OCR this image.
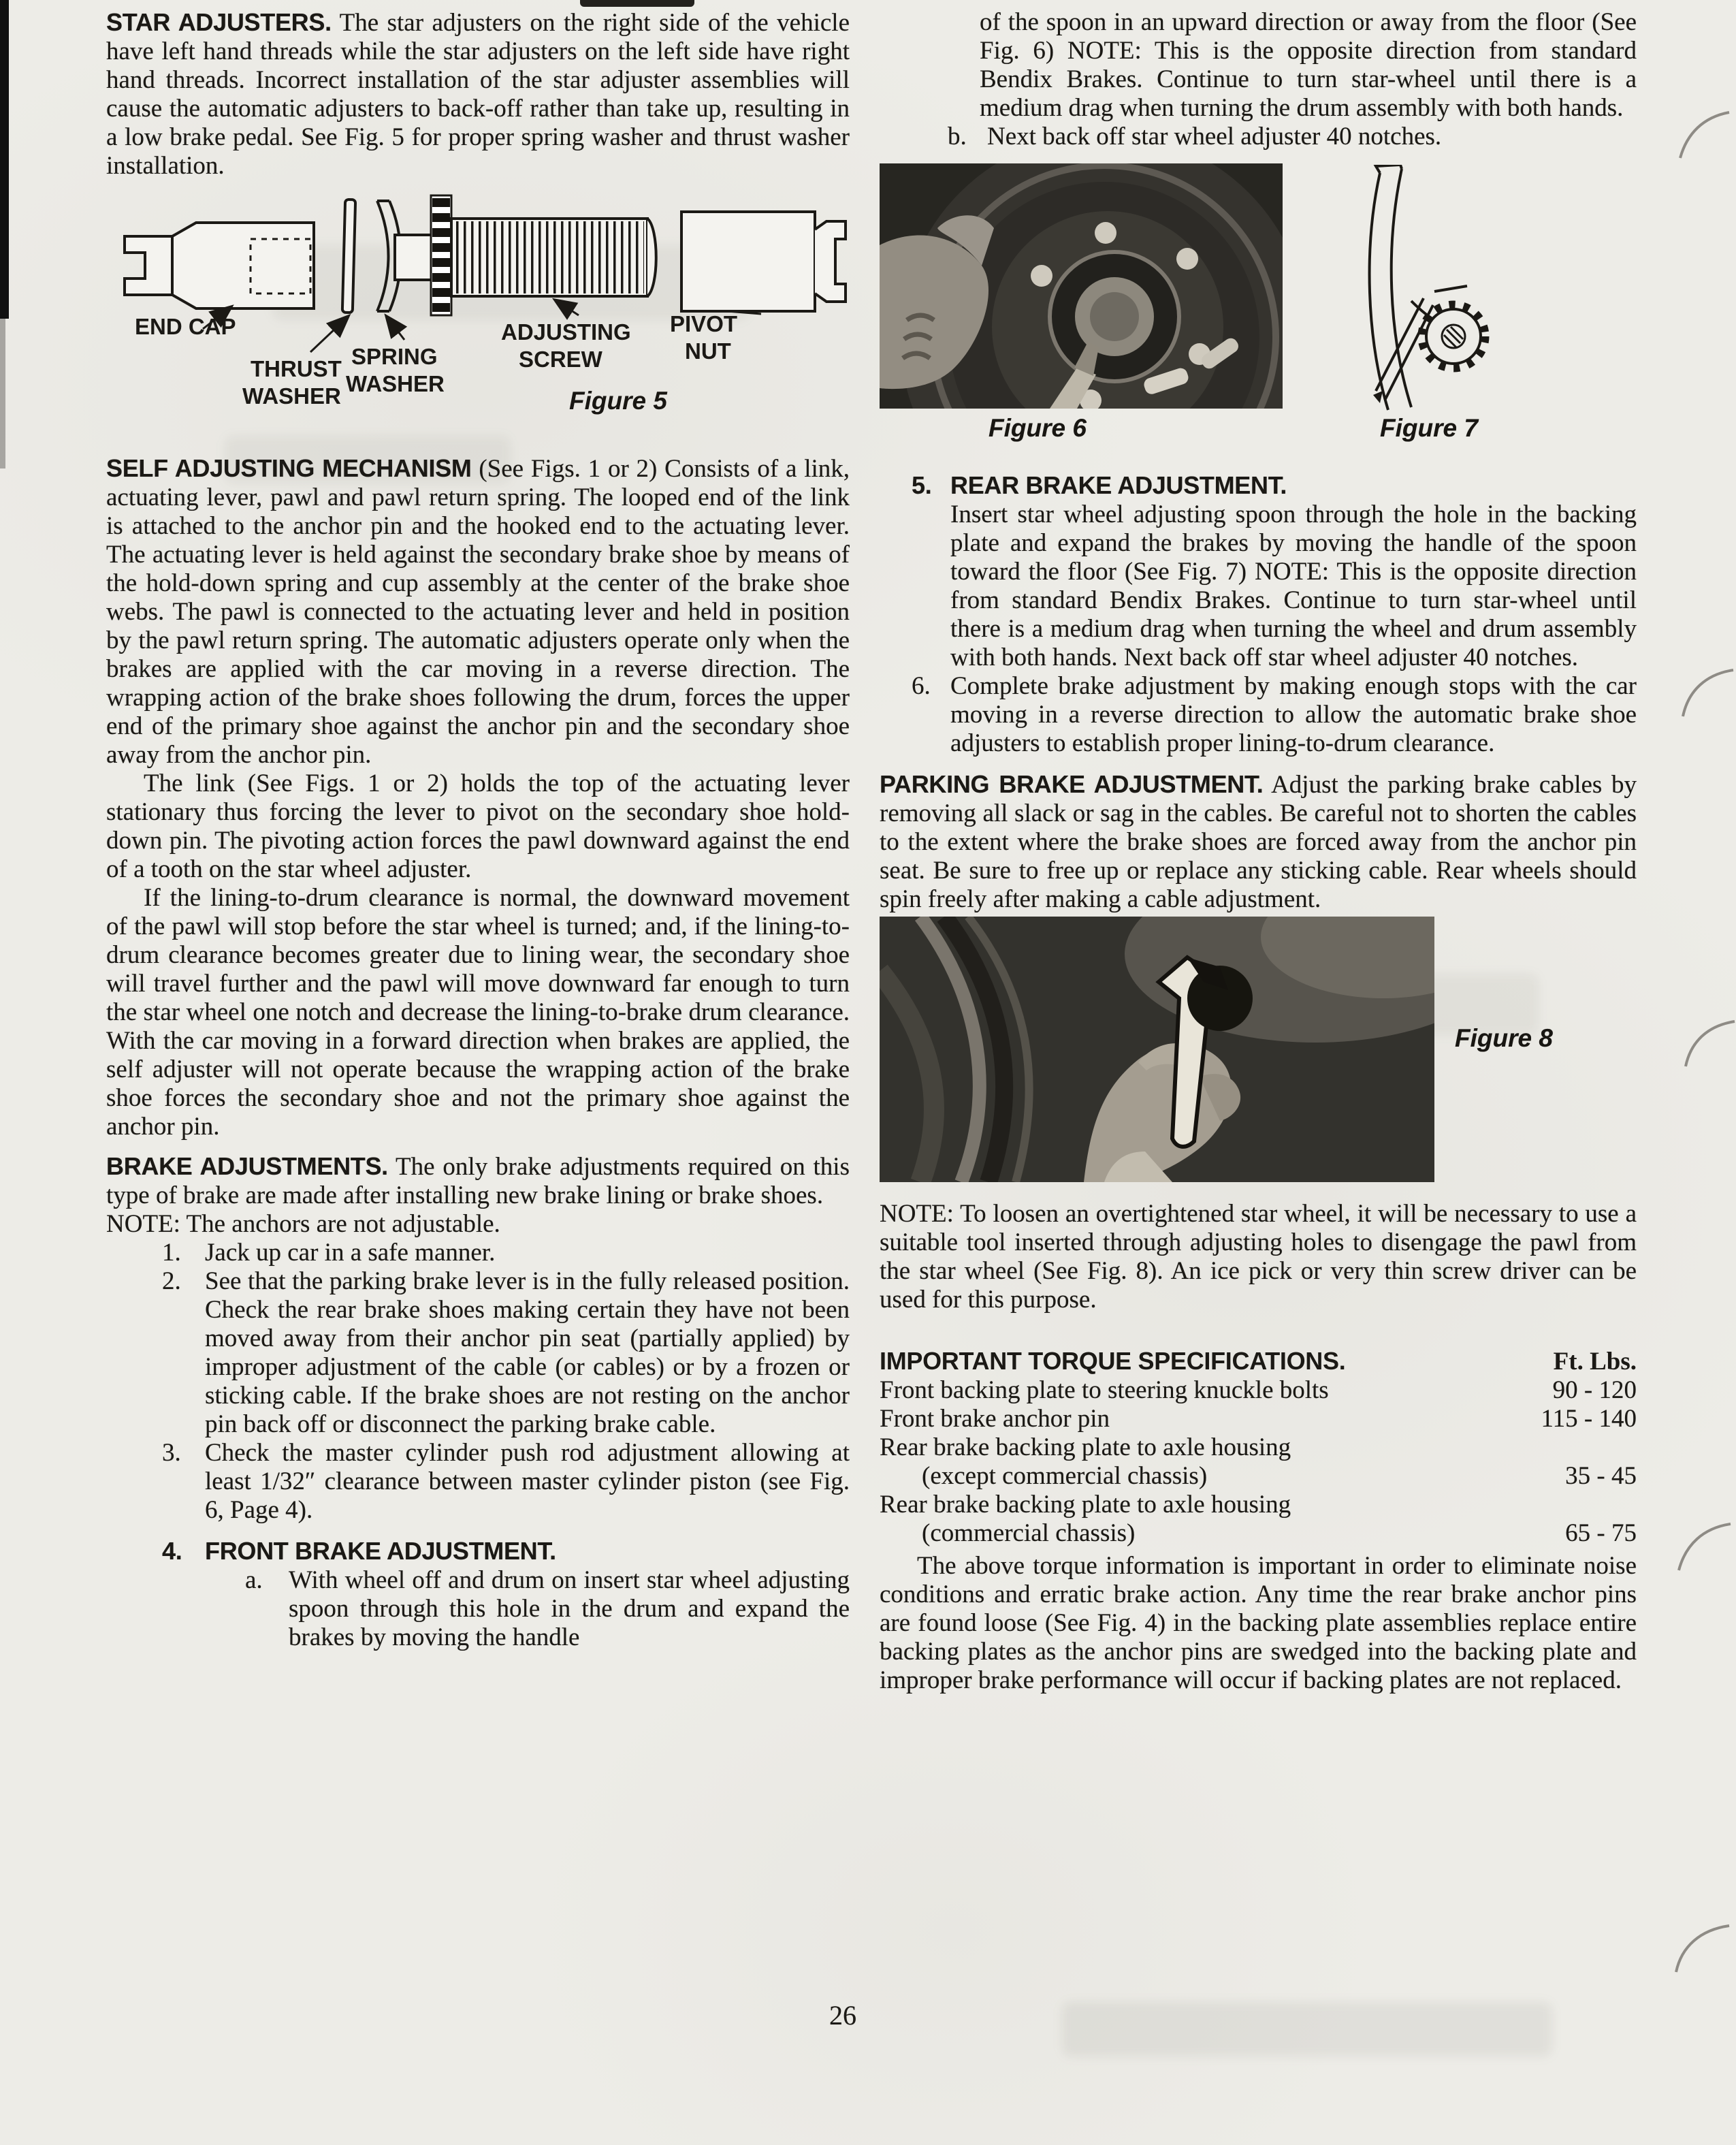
STAR ADJUSTERS. The star adjusters on the right side of the vehicle have left hand threads while the star adjusters on the left side have right hand threads. Incorrect installation of the star adjuster assemblies will cause the automatic adjusters to back-off rather than take up, resulting in a low brake pedal. See Fig. 5 for proper spring washer and thrust washer installation.

END CAP
THRUST
WASHER
SPRING
WASHER
ADJUSTING
SCREW
PIVOT
NUT
Figure 5

SELF ADJUSTING MECHANISM (See Figs. 1 or 2) Consists of a link, actuating lever, pawl and pawl return spring. The looped end of the link is attached to the anchor pin and the hooked end to the actuating lever. The actuating lever is held against the secondary brake shoe by means of the hold-down spring and cup assembly at the center of the brake shoe webs. The pawl is connected to the actuating lever and held in position by the pawl return spring. The automatic adjusters operate only when the brakes are applied with the car moving in a reverse direction. The wrapping action of the brake shoes following the drum, forces the upper end of the primary shoe against the anchor pin and the secondary shoe away from the anchor pin.

The link (See Figs. 1 or 2) holds the top of the actuating lever stationary thus forcing the lever to pivot on the secondary shoe hold-down pin. The pivoting action forces the pawl downward against the end of a tooth on the star wheel adjuster.

If the lining-to-drum clearance is normal, the downward movement of the pawl will stop before the star wheel is turned; and, if the lining-to-drum clearance becomes greater due to lining wear, the secondary shoe will travel further and the pawl will move downward far enough to turn the star wheel one notch and decrease the lining-to-brake drum clearance. With the car moving in a forward direction when brakes are applied, the self adjuster will not operate because the wrapping action of the brake shoe forces the secondary shoe and not the primary shoe against the anchor pin.

BRAKE ADJUSTMENTS. The only brake adjustments required on this type of brake are made after installing new brake lining or brake shoes.

NOTE: The anchors are not adjustable.

1. Jack up car in a safe manner.

2. See that the parking brake lever is in the fully released position. Check the rear brake shoes making certain they have not been moved away from their anchor pin seat (partially applied) by improper adjustment of the cable (or cables) or by a frozen or sticking cable. If the brake shoes are not resting on the anchor pin back off or disconnect the parking brake cable.

3. Check the master cylinder push rod adjustment allowing at least 1/32″ clearance between master cylinder piston (see Fig. 6, Page 4).

4. FRONT BRAKE ADJUSTMENT.

a. With wheel off and drum on insert star wheel adjusting spoon through this hole in the drum and expand the brakes by moving the handle

of the spoon in an upward direction or away from the floor (See Fig. 6) NOTE: This is the opposite direction from standard Bendix Brakes. Continue to turn star-wheel until there is a medium drag when turning the drum assembly with both hands.

b. Next back off star wheel adjuster 40 notches.

Figure 6	Figure 7

5. REAR BRAKE ADJUSTMENT.

Insert star wheel adjusting spoon through the hole in the backing plate and expand the brakes by moving the handle of the spoon toward the floor (See Fig. 7) NOTE: This is the opposite direction from standard Bendix Brakes. Continue to turn star-wheel until there is a medium drag when turning the wheel and drum assembly with both hands. Next back off star wheel adjuster 40 notches.

6. Complete brake adjustment by making enough stops with the car moving in a reverse direction to allow the automatic brake shoe adjusters to establish proper lining-to-drum clearance.

PARKING BRAKE ADJUSTMENT. Adjust the parking brake cables by removing all slack or sag in the cables. Be careful not to shorten the cables to the extent where the brake shoes are forced away from the anchor pin seat. Be sure to free up or replace any sticking cable. Rear wheels should spin freely after making a cable adjustment.

Figure 8

NOTE: To loosen an overtightened star wheel, it will be necessary to use a suitable tool inserted through adjusting holes to disengage the pawl from the star wheel (See Fig. 8). An ice pick or very thin screw driver can be used for this purpose.

IMPORTANT TORQUE SPECIFICATIONS.	Ft. Lbs.
Front backing plate to steering knuckle bolts	90 - 120
Front brake anchor pin	115 - 140
Rear brake backing plate to axle housing
(except commercial chassis)	35 - 45
Rear brake backing plate to axle housing
(commercial chassis)	65 - 75

The above torque information is important in order to eliminate noise conditions and erratic brake action. Any time the rear brake anchor pins are found loose (See Fig. 4) in the backing plate assemblies replace entire backing plates as the anchor pins are swedged into the backing plate and improper brake performance will occur if backing plates are not replaced.

26
